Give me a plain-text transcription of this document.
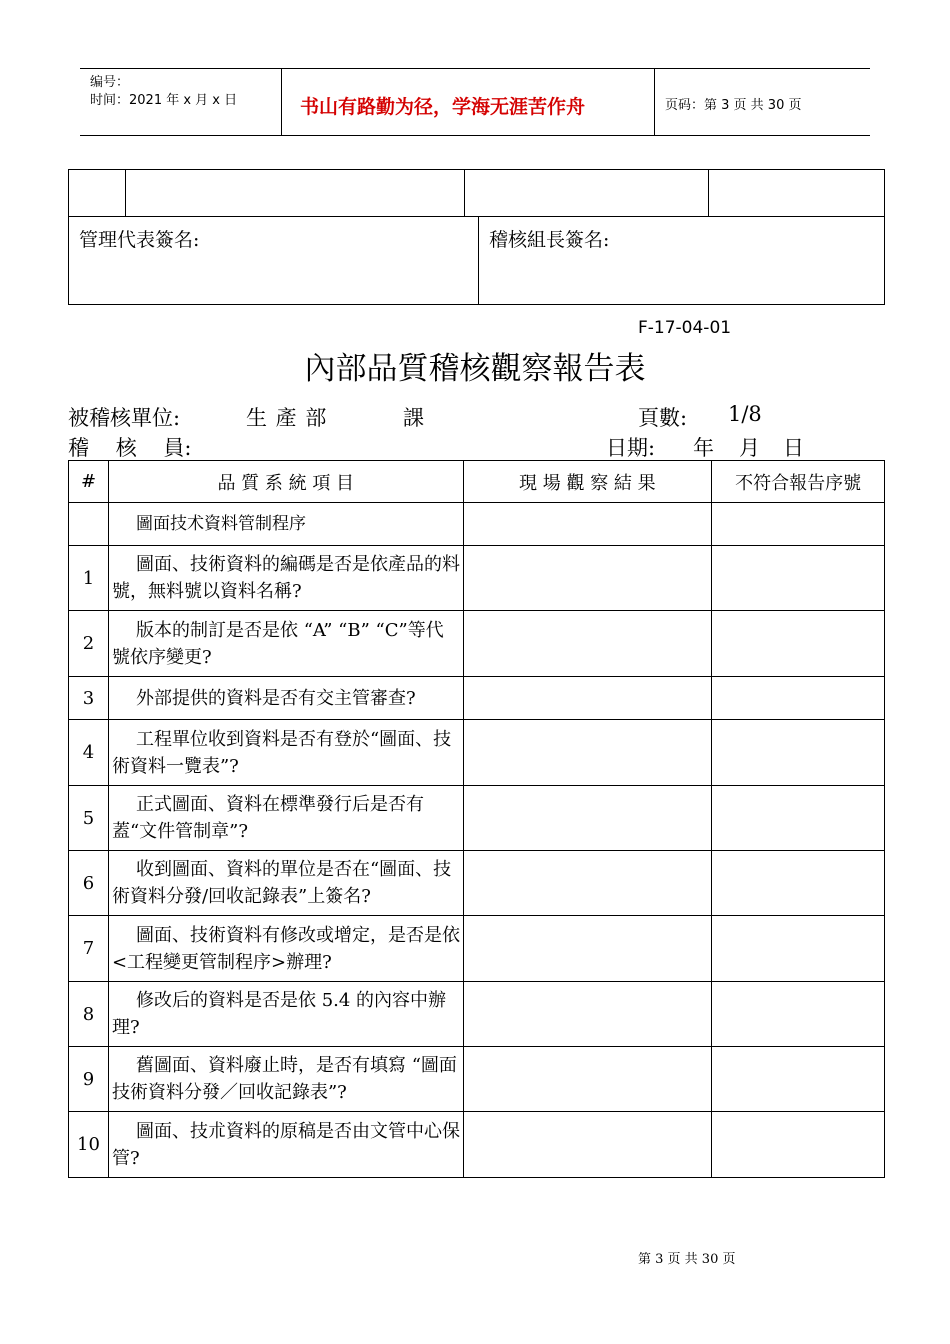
编号：
时间：2021 年 x 月 x 日	书山有路勤为径，学海无涯苦作舟	页码：第 3 页 共 30 页

管理代表簽名:	稽核組長簽名:
F-17-04-01
內部品質稽核觀察報告表
被稽核單位:	生 產 部	課	頁數: 1/8
稽    核    員:	日期: 年 月 日
#	品 質 系 統 項 目	現 場 觀 察 結 果	不符合報告序號
	圖面技术資料管制程序		
1	圖面、技術資料的編碼是否是依產品的料號，無料號以資料名稱?		
2	版本的制訂是否是依 “A” “B” “C”等代號依序變更?		
3	外部提供的資料是否有交主管審查?		
4	工程單位收到資料是否有登於“圖面、技術資料一覽表”?		
5	正式圖面、資料在標準發行后是否有蓋“文件管制章”?		
6	收到圖面、資料的單位是否在“圖面、技術資料分發/回收記錄表”上簽名?		
7	圖面、技術資料有修改或增定，是否是依<工程變更管制程序>辦理?		
8	修改后的資料是否是依 5.4 的內容中辦理?		
9	舊圖面、資料廢止時，是否有填寫 “圖面技術資料分發／回收記錄表”?		
10	圖面、技朮資料的原稿是否由文管中心保管?		
第 3 页 共 30 页
